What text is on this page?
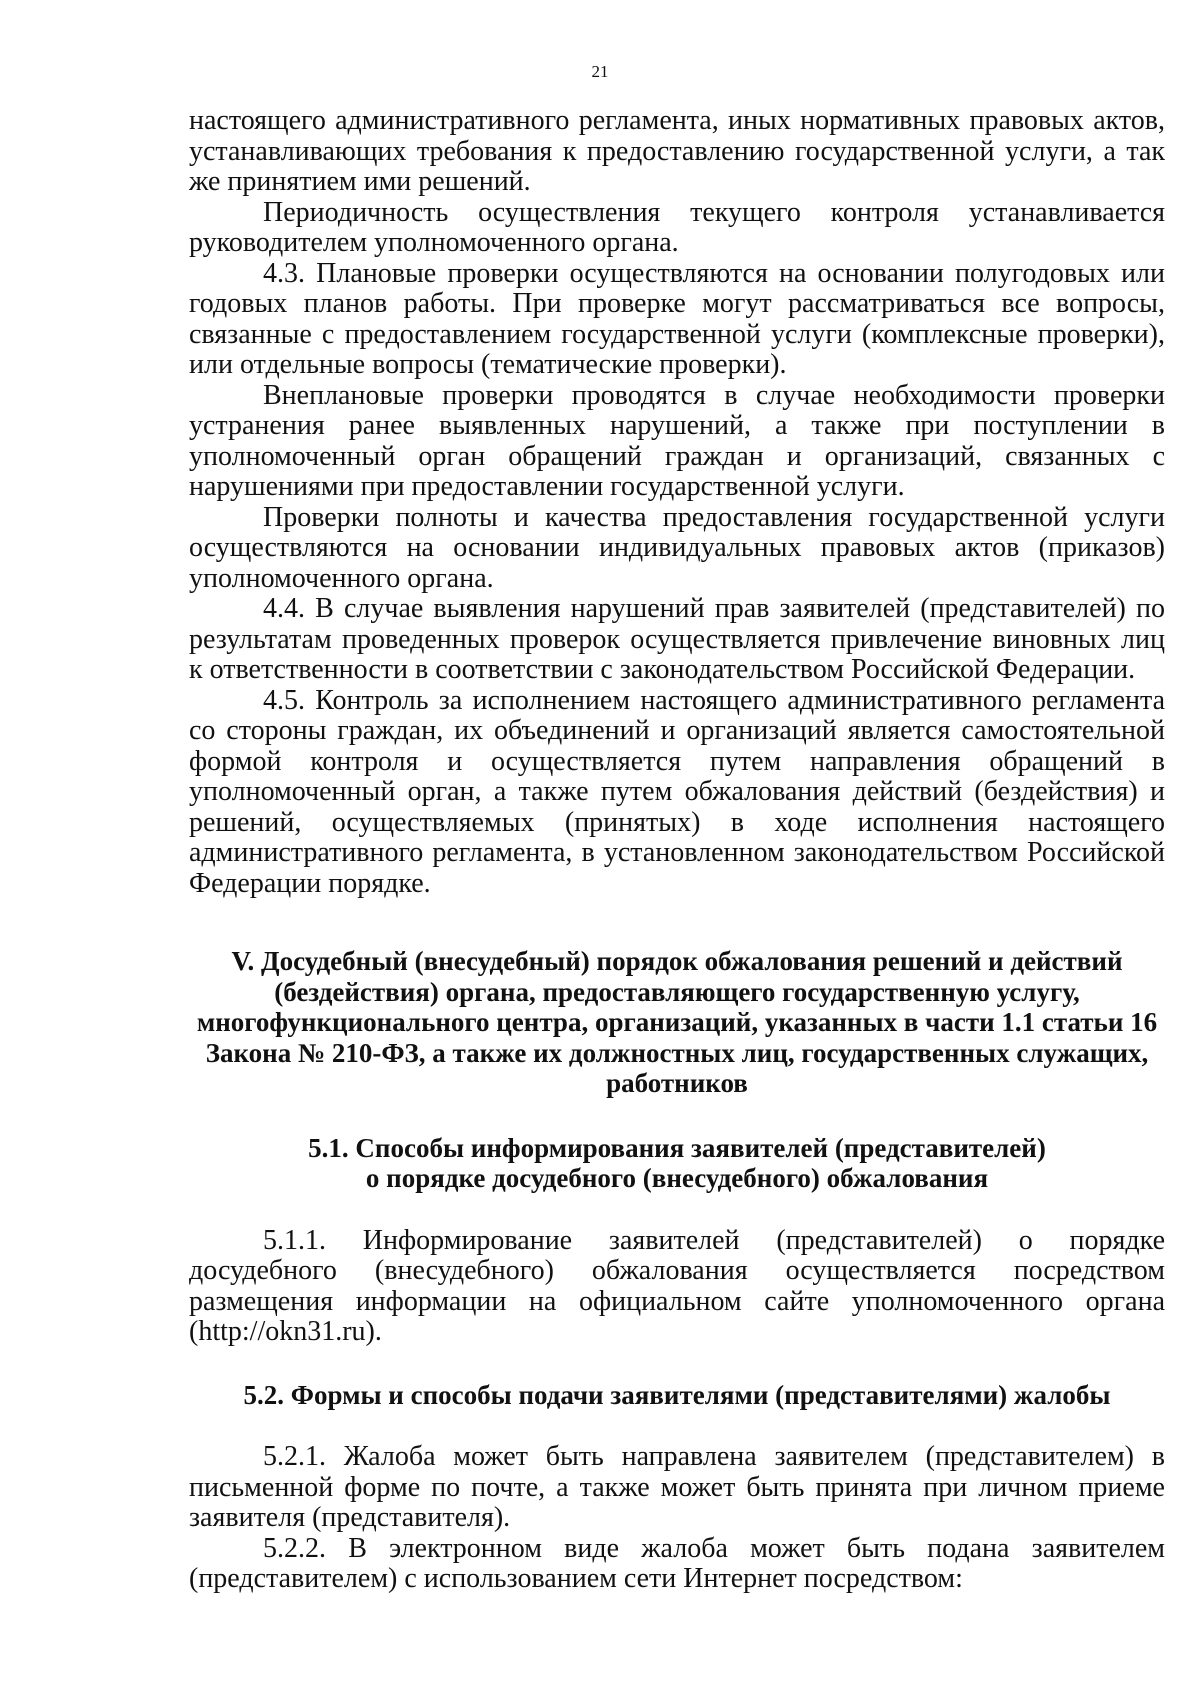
21

настоящего административного регламента, иных нормативных правовых актов, устанавливающих требования к предоставлению государственной услуги, а так же принятием ими решений.

Периодичность осуществления текущего контроля устанавливается руководителем уполномоченного органа.

4.3. Плановые проверки осуществляются на основании полугодовых или годовых планов работы. При проверке могут рассматриваться все вопросы, связанные с предоставлением государственной услуги (комплексные проверки), или отдельные вопросы (тематические проверки).

Внеплановые проверки проводятся в случае необходимости проверки устранения ранее выявленных нарушений, а также при поступлении в уполномоченный орган обращений граждан и организаций, связанных с нарушениями при предоставлении государственной услуги.

Проверки полноты и качества предоставления государственной услуги осуществляются на основании индивидуальных правовых актов (приказов) уполномоченного органа.

4.4. В случае выявления нарушений прав заявителей (представителей) по результатам проведенных проверок осуществляется привлечение виновных лиц к ответственности в соответствии с законодательством Российской Федерации.

4.5. Контроль за исполнением настоящего административного регламента со стороны граждан, их объединений и организаций является самостоятельной формой контроля и осуществляется путем направления обращений в уполномоченный орган, а также путем обжалования действий (бездействия) и решений, осуществляемых (принятых) в ходе исполнения настоящего административного регламента, в установленном законодательством Российской Федерации порядке.

V. Досудебный (внесудебный) порядок обжалования решений и действий (бездействия) органа, предоставляющего государственную услугу, многофункционального центра, организаций, указанных в части 1.1 статьи 16 Закона № 210-ФЗ, а также их должностных лиц, государственных служащих, работников

5.1. Способы информирования заявителей (представителей)

о порядке досудебного (внесудебного) обжалования

5.1.1. Информирование заявителей (представителей) о порядке досудебного (внесудебного) обжалования осуществляется посредством размещения информации на официальном сайте уполномоченного органа (http://okn31.ru).

5.2. Формы и способы подачи заявителями (представителями) жалобы

5.2.1. Жалоба может быть направлена заявителем (представителем) в письменной форме по почте, а также может быть принята при личном приеме заявителя (представителя).

5.2.2. В электронном виде жалоба может быть подана заявителем (представителем) с использованием сети Интернет посредством:
